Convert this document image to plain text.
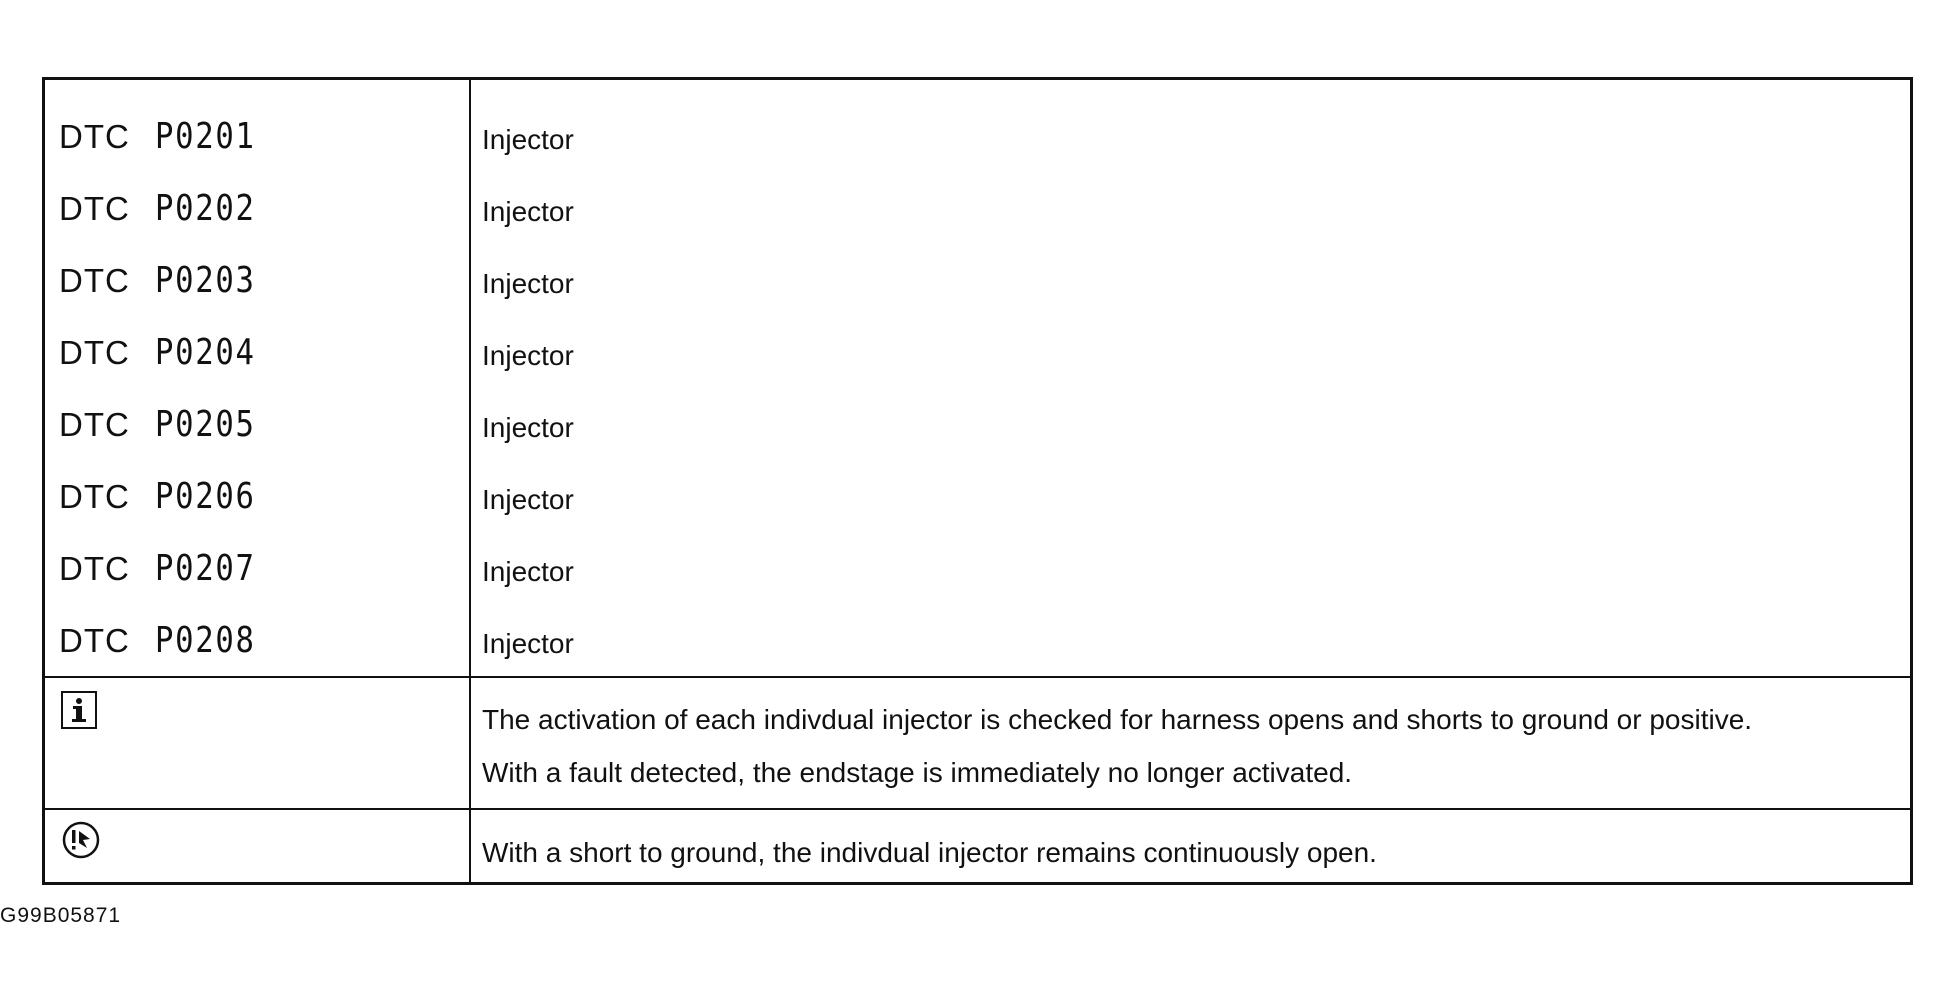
DTC P0201	Injector
DTC P0202	Injector
DTC P0203	Injector
DTC P0204	Injector
DTC P0205	Injector
DTC P0206	Injector
DTC P0207	Injector
DTC P0208	Injector
The activation of each indivdual injector is checked for harness opens and shorts to ground or positive.
With a fault detected, the endstage is immediately no longer activated.
With a short to ground, the indivdual injector remains continuously open.
G99B05871
